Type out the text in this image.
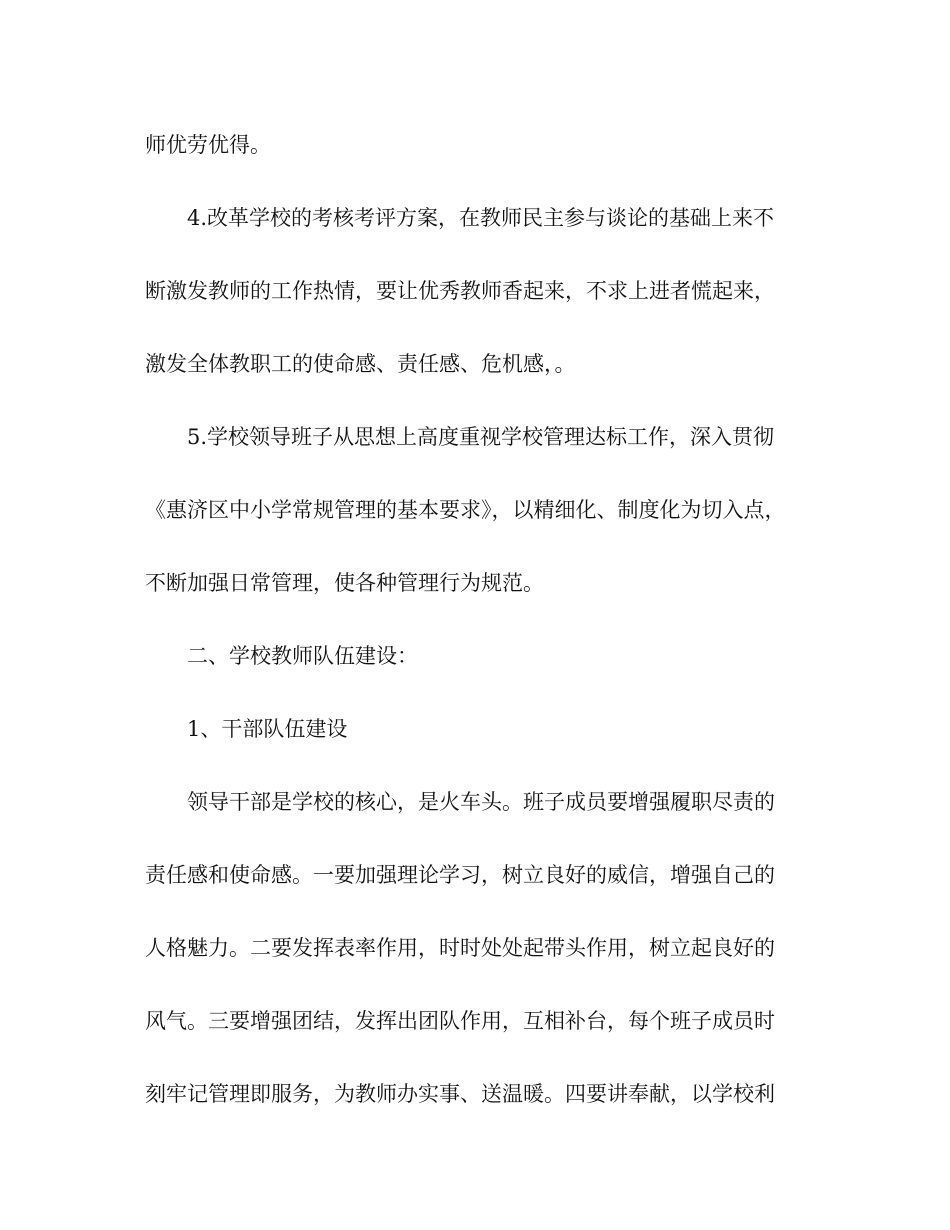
师优劳优得。
4.改革学校的考核考评方案，在教师民主参与谈论的基础上来不
断激发教师的工作热情，要让优秀教师香起来，不求上进者慌起来，
激发全体教职工的使命感、责任感、危机感，。
5.学校领导班子从思想上高度重视学校管理达标工作，深入贯彻
《惠济区中小学常规管理的基本要求》，以精细化、制度化为切入点，
不断加强日常管理，使各种管理行为规范。
二、学校教师队伍建设：
1、干部队伍建设
领导干部是学校的核心，是火车头。班子成员要增强履职尽责的
责任感和使命感。一要加强理论学习，树立良好的威信，增强自己的
人格魅力。二要发挥表率作用，时时处处起带头作用，树立起良好的
风气。三要增强团结，发挥出团队作用，互相补台，每个班子成员时
刻牢记管理即服务，为教师办实事、送温暖。四要讲奉献，以学校利
